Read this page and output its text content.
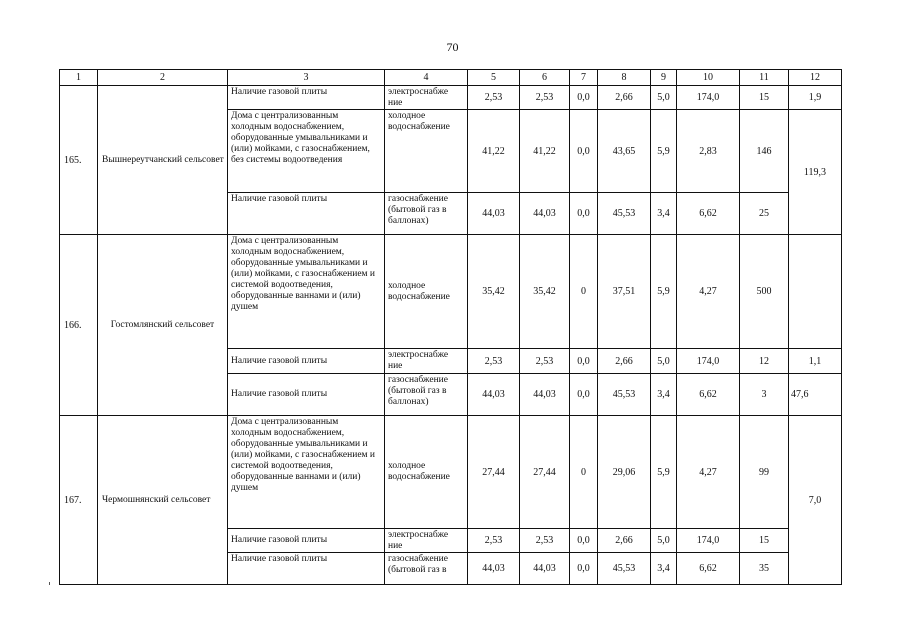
70
1	2	3	4	5	6	7	8	9	10	11	12
165.	Вышнереутчанский сельсовет	Наличие газовой плиты	электроснабже ние	2,53	2,53	0,0	2,66	5,0	174,0	15	1,9
		Дома с централизованным холодным водоснабжением, оборудованные умывальниками и (или) мойками, с газоснабжением, без системы водоотведения	холодное водоснабжение	41,22	41,22	0,0	43,65	5,9	2,83	146	119,3
		Наличие газовой плиты	газоснабжение (бытовой газ в баллонах)	44,03	44,03	0,0	45,53	3,4	6,62	25	
166.	Гостомлянский сельсовет	Дома с централизованным холодным водоснабжением, оборудованные умывальниками и (или) мойками, с газоснабжением и системой водоотведения, оборудованные ваннами и (или) душем	холодное водоснабжение	35,42	35,42	0	37,51	5,9	4,27	500	
		Наличие газовой плиты	электроснабже ние	2,53	2,53	0,0	2,66	5,0	174,0	12	1,1
		Наличие газовой плиты	газоснабжение (бытовой газ в баллонах)	44,03	44,03	0,0	45,53	3,4	6,62	3	47,6
167.	Чермошнянский сельсовет	Дома с централизованным холодным водоснабжением, оборудованные умывальниками и (или) мойками, с газоснабжением и системой водоотведения, оборудованные ваннами и (или) душем	холодное водоснабжение	27,44	27,44	0	29,06	5,9	4,27	99	7,0
		Наличие газовой плиты	электроснабже ние	2,53	2,53	0,0	2,66	5,0	174,0	15	
		Наличие газовой плиты	газоснабжение (бытовой газ в	44,03	44,03	0,0	45,53	3,4	6,62	35	
